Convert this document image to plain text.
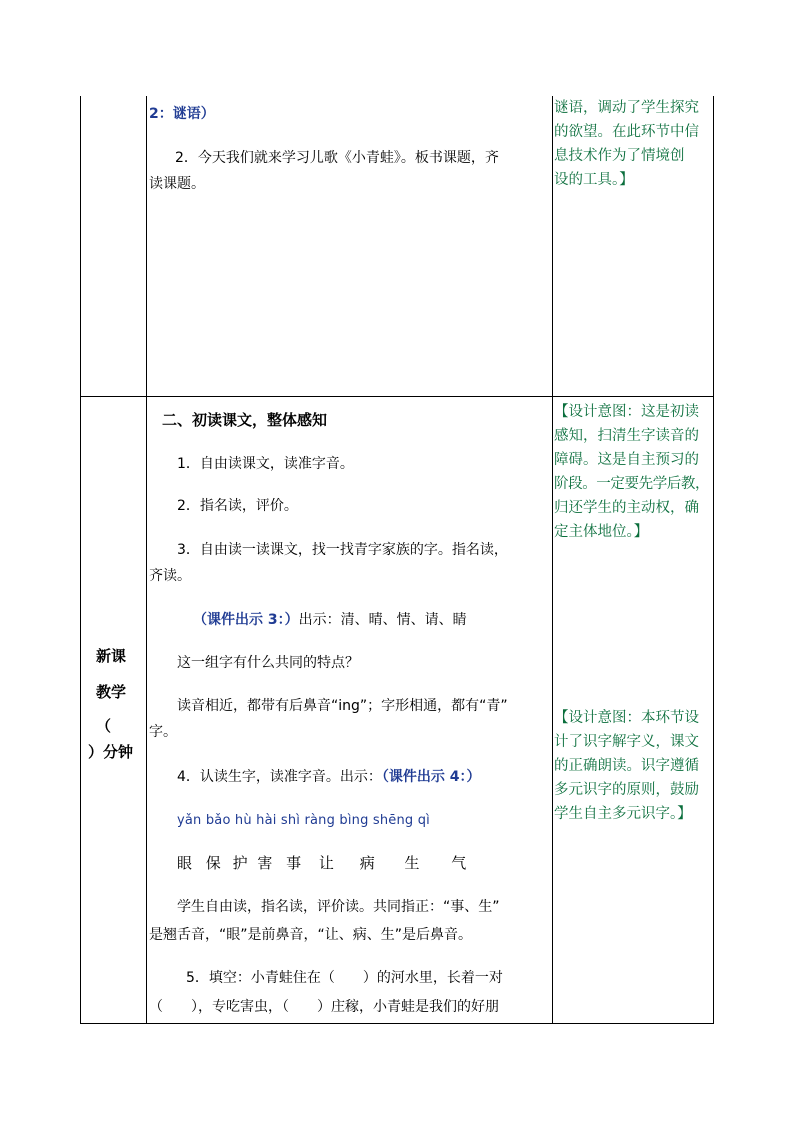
2：谜语）
2．今天我们就来学习儿歌《小青蛙》。板书课题，齐
读课题。
谜语，调动了学生探究
的欲望。在此环节中信
息技术作为了情境创
设的工具。】
新课
教学
（
）分钟
二、初读课文，整体感知
1．自由读课文，读准字音。
2．指名读，评价。
3．自由读一读课文，找一找青字家族的字。指名读，
齐读。
（课件出示 3：）出示：清、晴、情、请、睛
这一组字有什么共同的特点？
读音相近，都带有后鼻音“ing”；字形相通，都有“青”
字。
4．认读生字，读准字音。出示：（课件出示 4：）
yǎn bǎo hù hài shì ràng bìng shēng qì
眼 保 护 害 事 让 病 生 气
学生自由读，指名读，评价读。共同指正：“事、生”
是翘舌音，“眼”是前鼻音，“让、病、生”是后鼻音。
5．填空：小青蛙住在（　　）的河水里，长着一对
（　　），专吃害虫，（　　）庄稼，小青蛙是我们的好朋
【设计意图：这是初读
感知，扫清生字读音的
障碍。这是自主预习的
阶段。一定要先学后教，
归还学生的主动权，确
定主体地位。】
【设计意图：本环节设
计了识字解字义，课文
的正确朗读。识字遵循
多元识字的原则，鼓励
学生自主多元识字。】
